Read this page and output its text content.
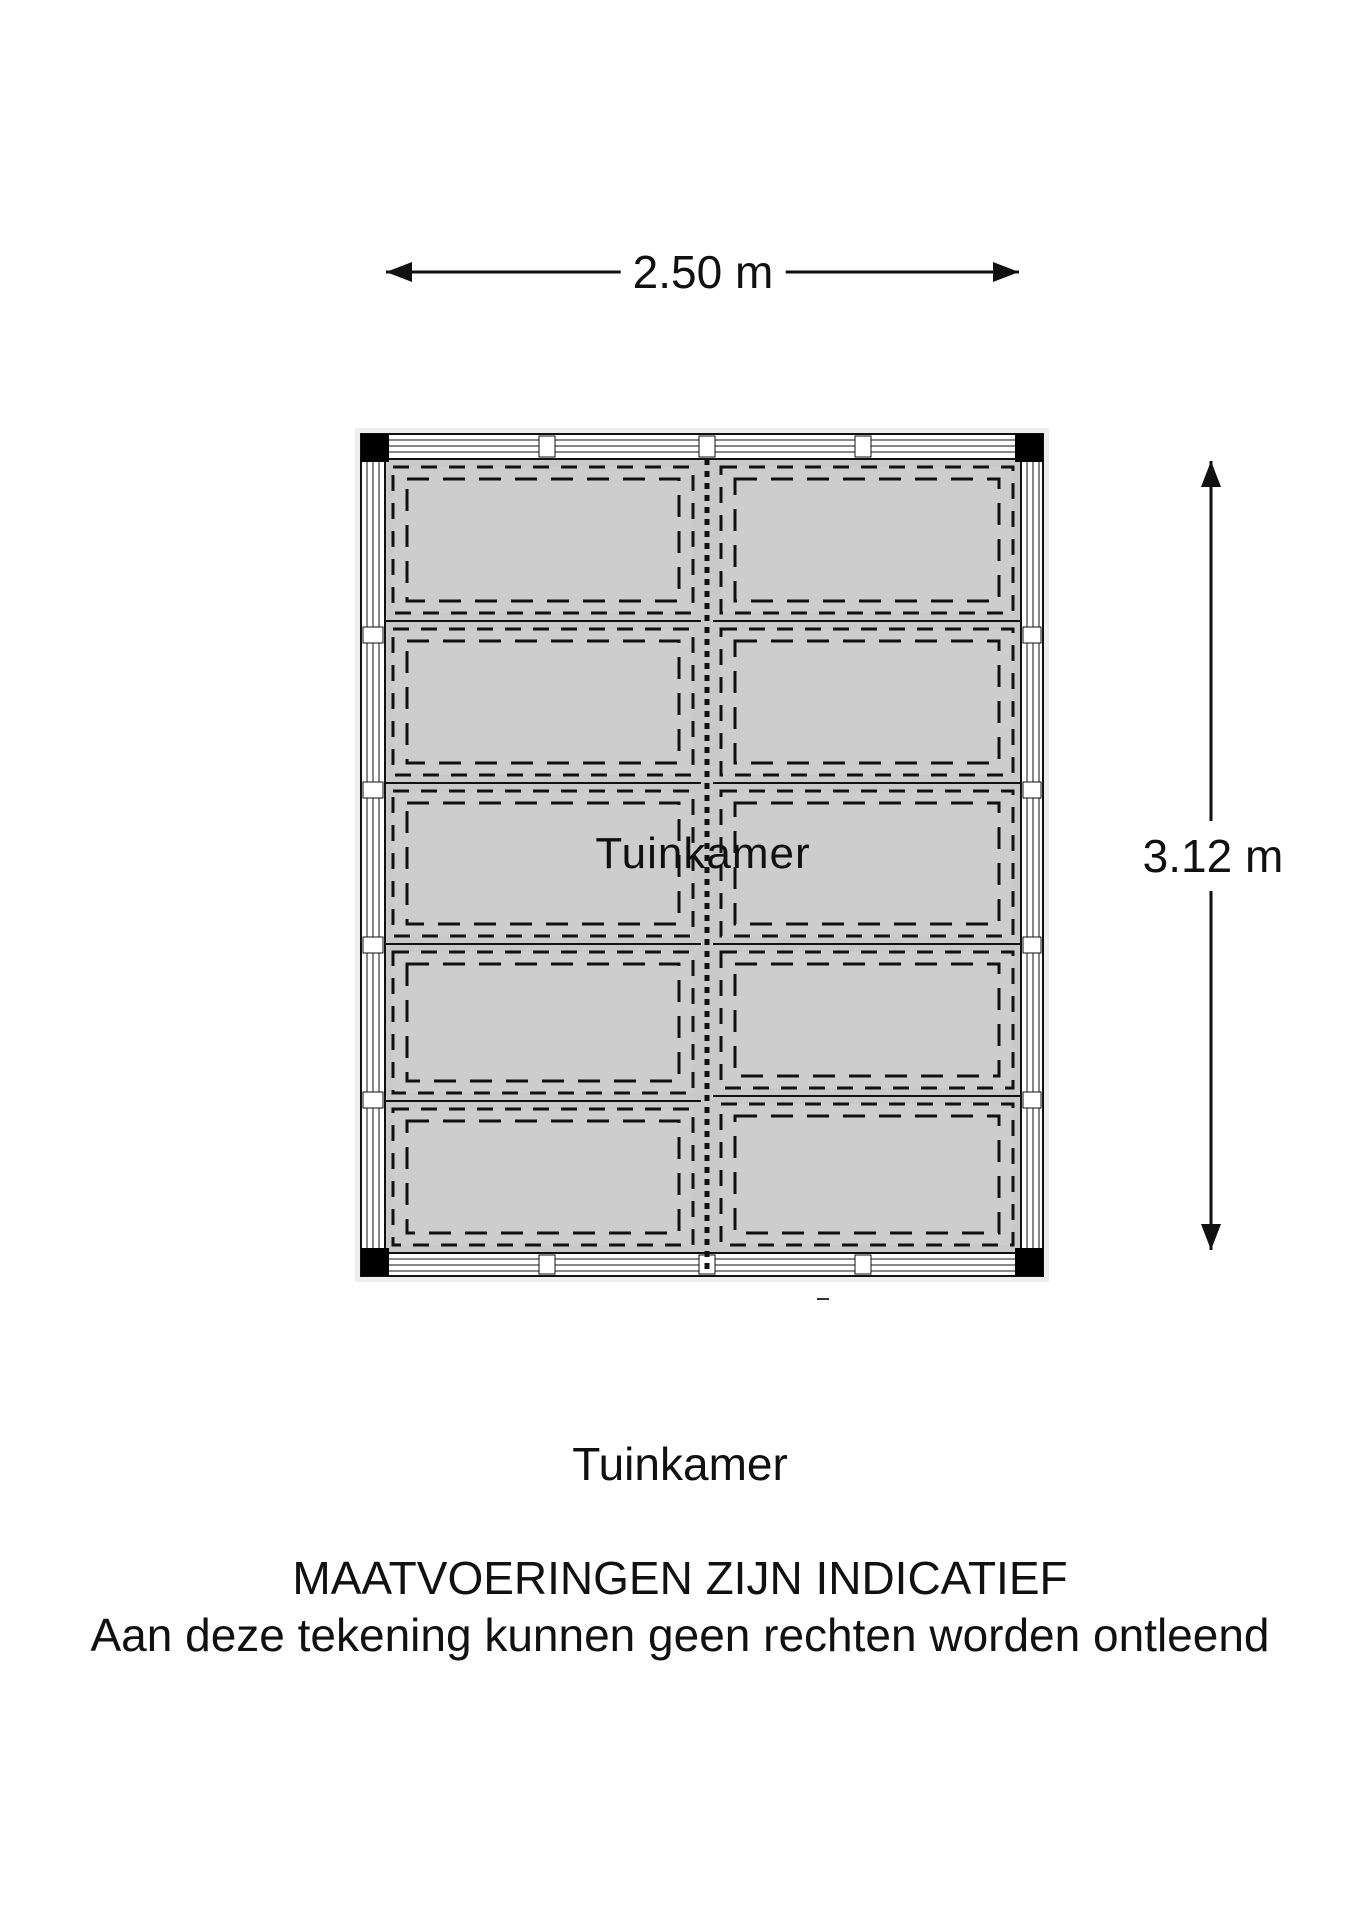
2.50 m
3.12 m
Tuinkamer
Tuinkamer
MAATVOERINGEN ZIJN INDICATIEF
Aan deze tekening kunnen geen rechten worden ontleend
